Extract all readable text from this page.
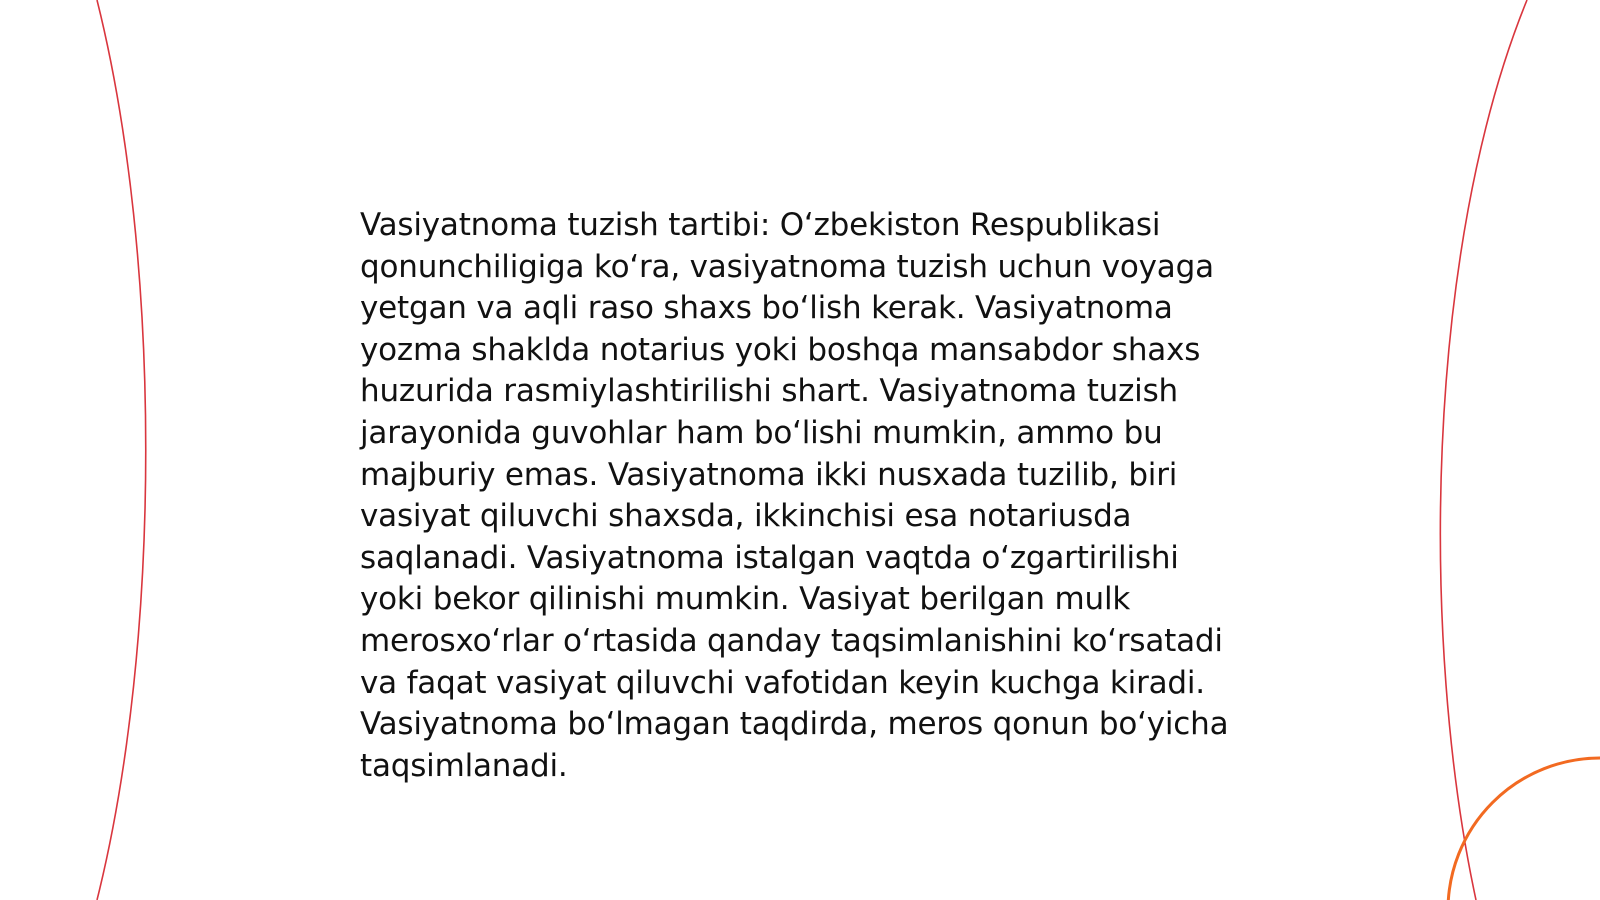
Vasiyatnoma tuzish tartibi: O‘zbekiston Respublikasi qonunchiligiga ko‘ra, vasiyatnoma tuzish uchun voyaga yetgan va aqli raso shaxs bo‘lish kerak. Vasiyatnoma yozma shaklda notarius yoki boshqa mansabdor shaxs huzurida rasmiylashtirilishi shart. Vasiyatnoma tuzish jarayonida guvohlar ham bo‘lishi mumkin, ammo bu majburiy emas. Vasiyatnoma ikki nusxada tuzilib, biri vasiyat qiluvchi shaxsda, ikkinchisi esa notariusda saqlanadi. Vasiyatnoma istalgan vaqtda o‘zgartirilishi yoki bekor qilinishi mumkin. Vasiyat berilgan mulk merosxo‘rlar o‘rtasida qanday taqsimlanishini ko‘rsatadi va faqat vasiyat qiluvchi vafotidan keyin kuchga kiradi. Vasiyatnoma bo‘lmagan taqdirda, meros qonun bo‘yicha taqsimlanadi.
